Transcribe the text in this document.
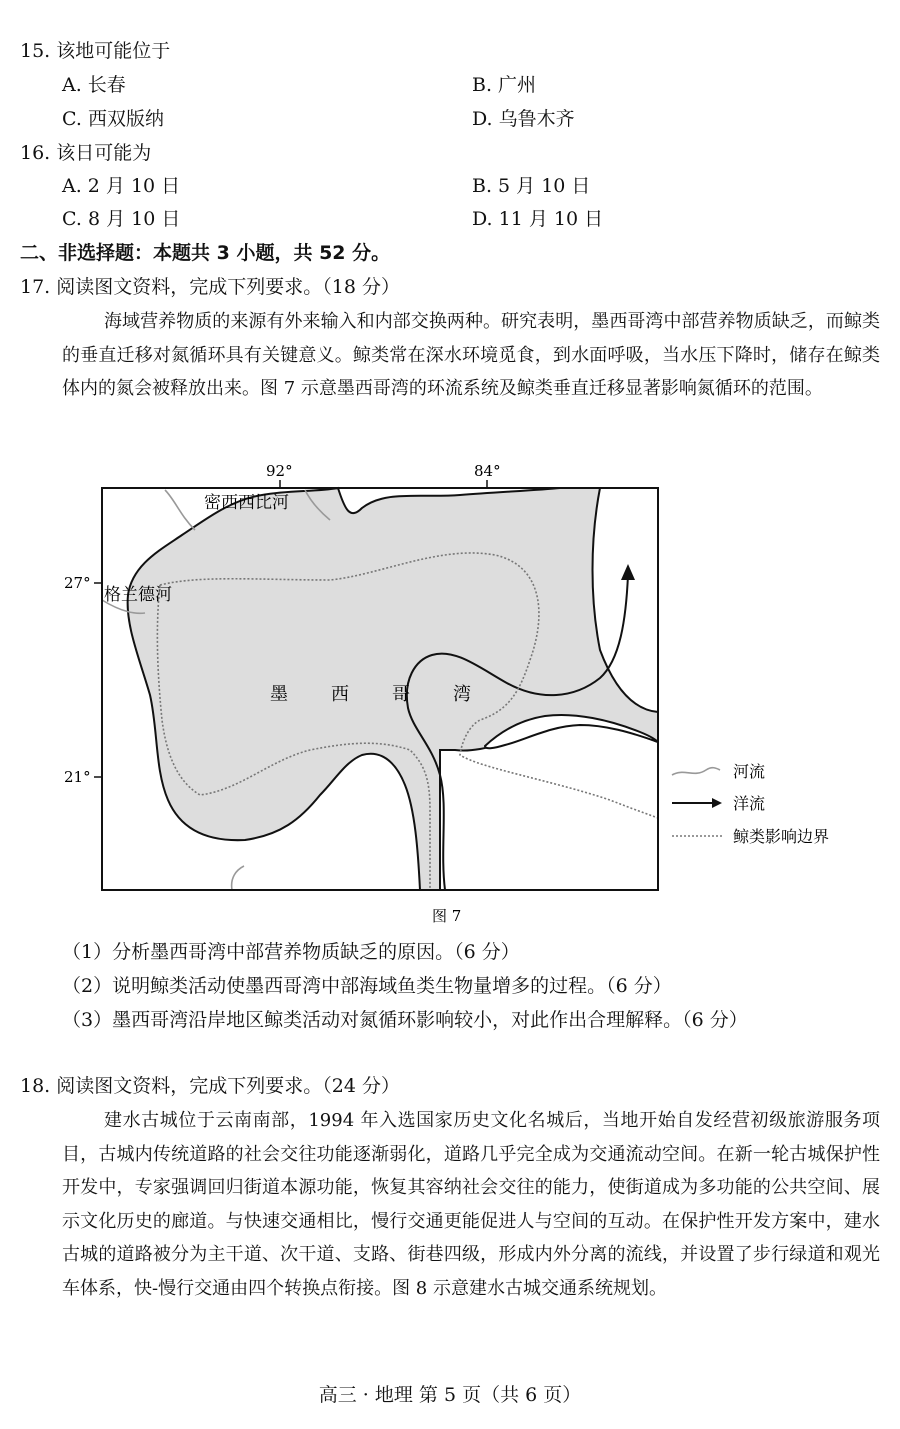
15. 该地可能位于
A. 长春	B. 广州
C. 西双版纳	D. 乌鲁木齐
16. 该日可能为
A. 2 月 10 日	B. 5 月 10 日
C. 8 月 10 日	D. 11 月 10 日
二、非选择题：本题共 3 小题，共 52 分。
17. 阅读图文资料，完成下列要求。（18 分）
海域营养物质的来源有外来输入和内部交换两种。研究表明，墨西哥湾中部营养物质缺乏，而鲸类的垂直迁移对氮循环具有关键意义。鲸类常在深水环境觅食，到水面呼吸，当水压下降时，储存在鲸类体内的氮会被释放出来。图 7 示意墨西哥湾的环流系统及鲸类垂直迁移显著影响氮循环的范围。
92°	84°
27°
21°
密西西比河
格兰德河
墨 西 哥 湾
河流
洋流
鲸类影响边界
图 7
（1）分析墨西哥湾中部营养物质缺乏的原因。（6 分）
（2）说明鲸类活动使墨西哥湾中部海域鱼类生物量增多的过程。（6 分）
（3）墨西哥湾沿岸地区鲸类活动对氮循环影响较小，对此作出合理解释。（6 分）
18. 阅读图文资料，完成下列要求。（24 分）
建水古城位于云南南部，1994 年入选国家历史文化名城后，当地开始自发经营初级旅游服务项目，古城内传统道路的社会交往功能逐渐弱化，道路几乎完全成为交通流动空间。在新一轮古城保护性开发中，专家强调回归街道本源功能，恢复其容纳社会交往的能力，使街道成为多功能的公共空间、展示文化历史的廊道。与快速交通相比，慢行交通更能促进人与空间的互动。在保护性开发方案中，建水古城的道路被分为主干道、次干道、支路、街巷四级，形成内外分离的流线，并设置了步行绿道和观光车体系，快-慢行交通由四个转换点衔接。图 8 示意建水古城交通系统规划。
高三 · 地理 第 5 页（共 6 页）
